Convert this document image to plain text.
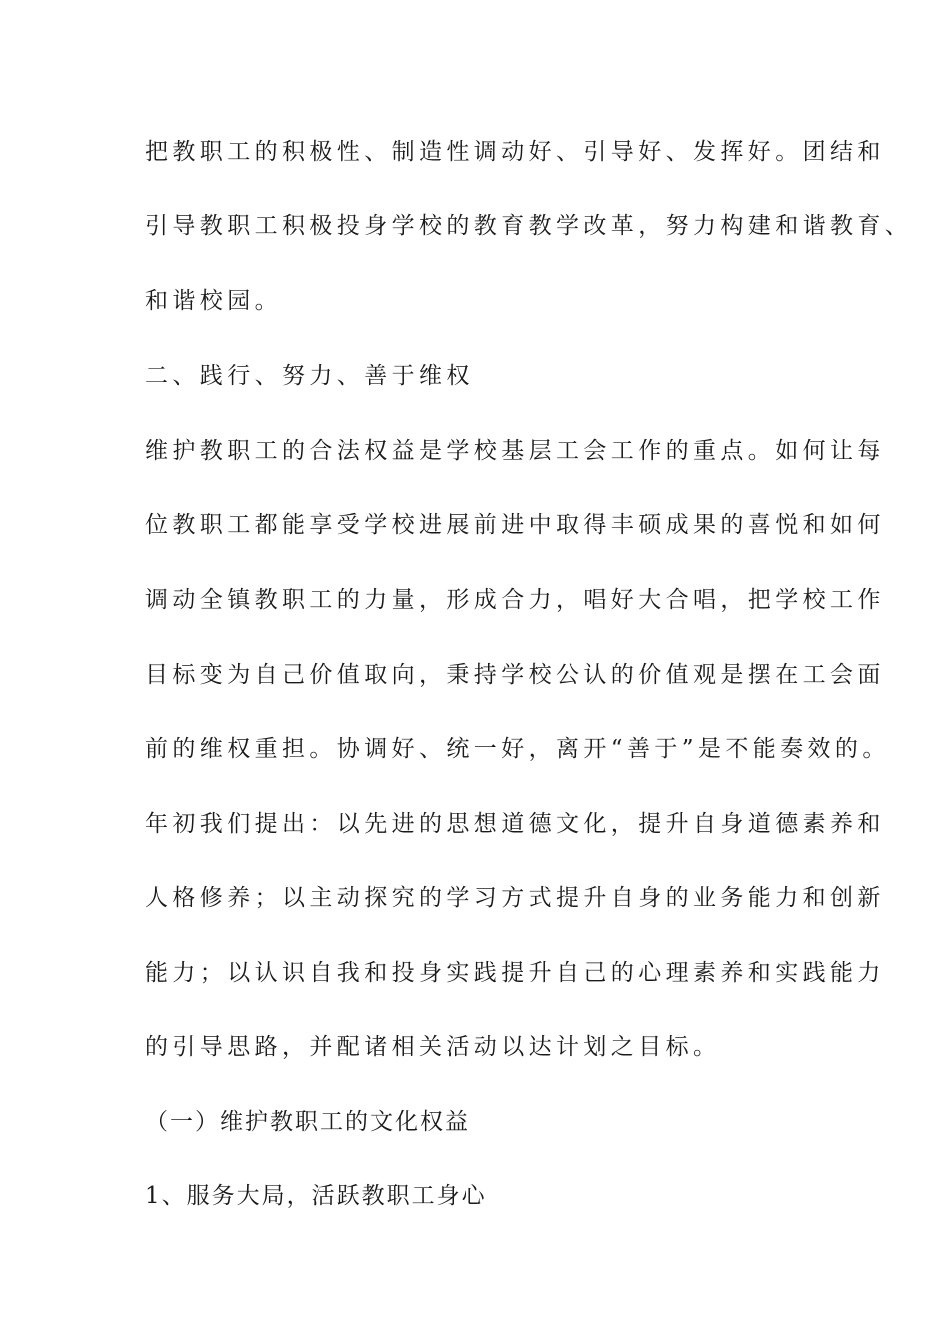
把教职工的积极性、制造性调动好、引导好、发挥好。团结和

引导教职工积极投身学校的教育教学改革，努力构建和谐教育、

和谐校园。

二、践行、努力、善于维权

维护教职工的合法权益是学校基层工会工作的重点。如何让每

位教职工都能享受学校进展前进中取得丰硕成果的喜悦和如何

调动全镇教职工的力量，形成合力，唱好大合唱，把学校工作

目标变为自己价值取向，秉持学校公认的价值观是摆在工会面

前的维权重担。协调好、统一好，离开“善于”是不能奏效的。

年初我们提出：以先进的思想道德文化，提升自身道德素养和

人格修养；以主动探究的学习方式提升自身的业务能力和创新

能力；以认识自我和投身实践提升自己的心理素养和实践能力

的引导思路，并配诸相关活动以达计划之目标。

（一）维护教职工的文化权益

1、服务大局，活跃教职工身心
